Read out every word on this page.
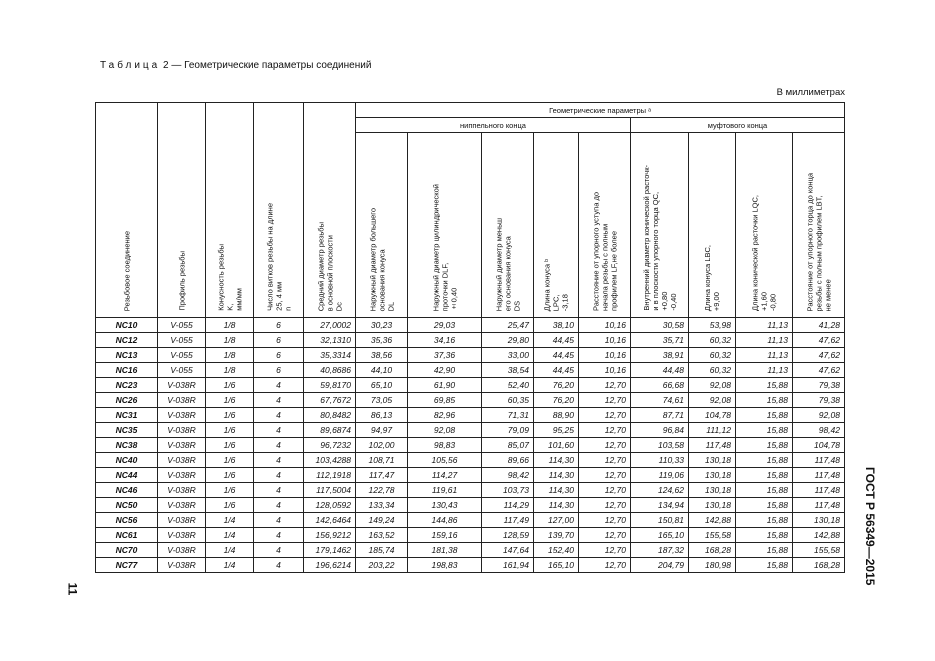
Таблица 2 — Геометрические параметры соединений
В миллиметрах
Резьбовое соединение	Профиль резьбы	Конусность резьбы
K,
мм/мм	Число витков резьбы на длине
25, 4 мм
n	Средний диаметр резьбы
в основной плоскости
Dc	Геометрические параметры ᵃ								
					ниппельного конца					муфтового конца			

					Наружный диаметр большего
основания конуса
DL	Наружный диаметр цилиндрической
проточки DLF,
±0,40	Наружный диаметр меньш
его основания конуса
DS	Длина конуса ᵇ
LPC,
-3,18	Расстояние от упорного уступа до
начала резьбы с полным
профилем LF,не более	Внутренний диаметр конической расточк-
и в плоскости упорного торца QC,
+0,80
-0,40	Длина конуса LBC,
+9,00	Длина конической расточки LQC,
+1,60
-0,80	Расстояние от упорного торца до конца
резьбы с полным профилем LBT,
не менее

NC10	V-055	1/8	6	27,0002	30,23	29,03	25,47	38,10	10,16	30,58	53,98	11,13	41,28
NC12	V-055	1/8	6	32,1310	35,36	34,16	29,80	44,45	10,16	35,71	60,32	11,13	47,62
NC13	V-055	1/8	6	35,3314	38,56	37,36	33,00	44,45	10,16	38,91	60,32	11,13	47,62
NC16	V-055	1/8	6	40,8686	44,10	42,90	38,54	44,45	10,16	44,48	60,32	11,13	47,62
NC23	V-038R	1/6	4	59,8170	65,10	61,90	52,40	76,20	12,70	66,68	92,08	15,88	79,38
NC26	V-038R	1/6	4	67,7672	73,05	69,85	60,35	76,20	12,70	74,61	92,08	15,88	79,38
NC31	V-038R	1/6	4	80,8482	86,13	82,96	71,31	88,90	12,70	87,71	104,78	15,88	92,08
NC35	V-038R	1/6	4	89,6874	94,97	92,08	79,09	95,25	12,70	96,84	111,12	15,88	98,42
NC38	V-038R	1/6	4	96,7232	102,00	98,83	85,07	101,60	12,70	103,58	117,48	15,88	104,78
NC40	V-038R	1/6	4	103,4288	108,71	105,56	89,66	114,30	12,70	110,33	130,18	15,88	117,48
NC44	V-038R	1/6	4	112,1918	117,47	114,27	98,42	114,30	12,70	119,06	130,18	15,88	117,48
NC46	V-038R	1/6	4	117,5004	122,78	119,61	103,73	114,30	12,70	124,62	130,18	15,88	117,48
NC50	V-038R	1/6	4	128,0592	133,34	130,43	114,29	114,30	12,70	134,94	130,18	15,88	117,48
NC56	V-038R	1/4	4	142,6464	149,24	144,86	117,49	127,00	12,70	150,81	142,88	15,88	130,18
NC61	V-038R	1/4	4	156,9212	163,52	159,16	128,59	139,70	12,70	165,10	155,58	15,88	142,88
NC70	V-038R	1/4	4	179,1462	185,74	181,38	147,64	152,40	12,70	187,32	168,28	15,88	155,58
NC77	V-038R	1/4	4	196,6214	203,22	198,83	161,94	165,10	12,70	204,79	180,98	15,88	168,28
11
ГОСТ Р 56349—2015
